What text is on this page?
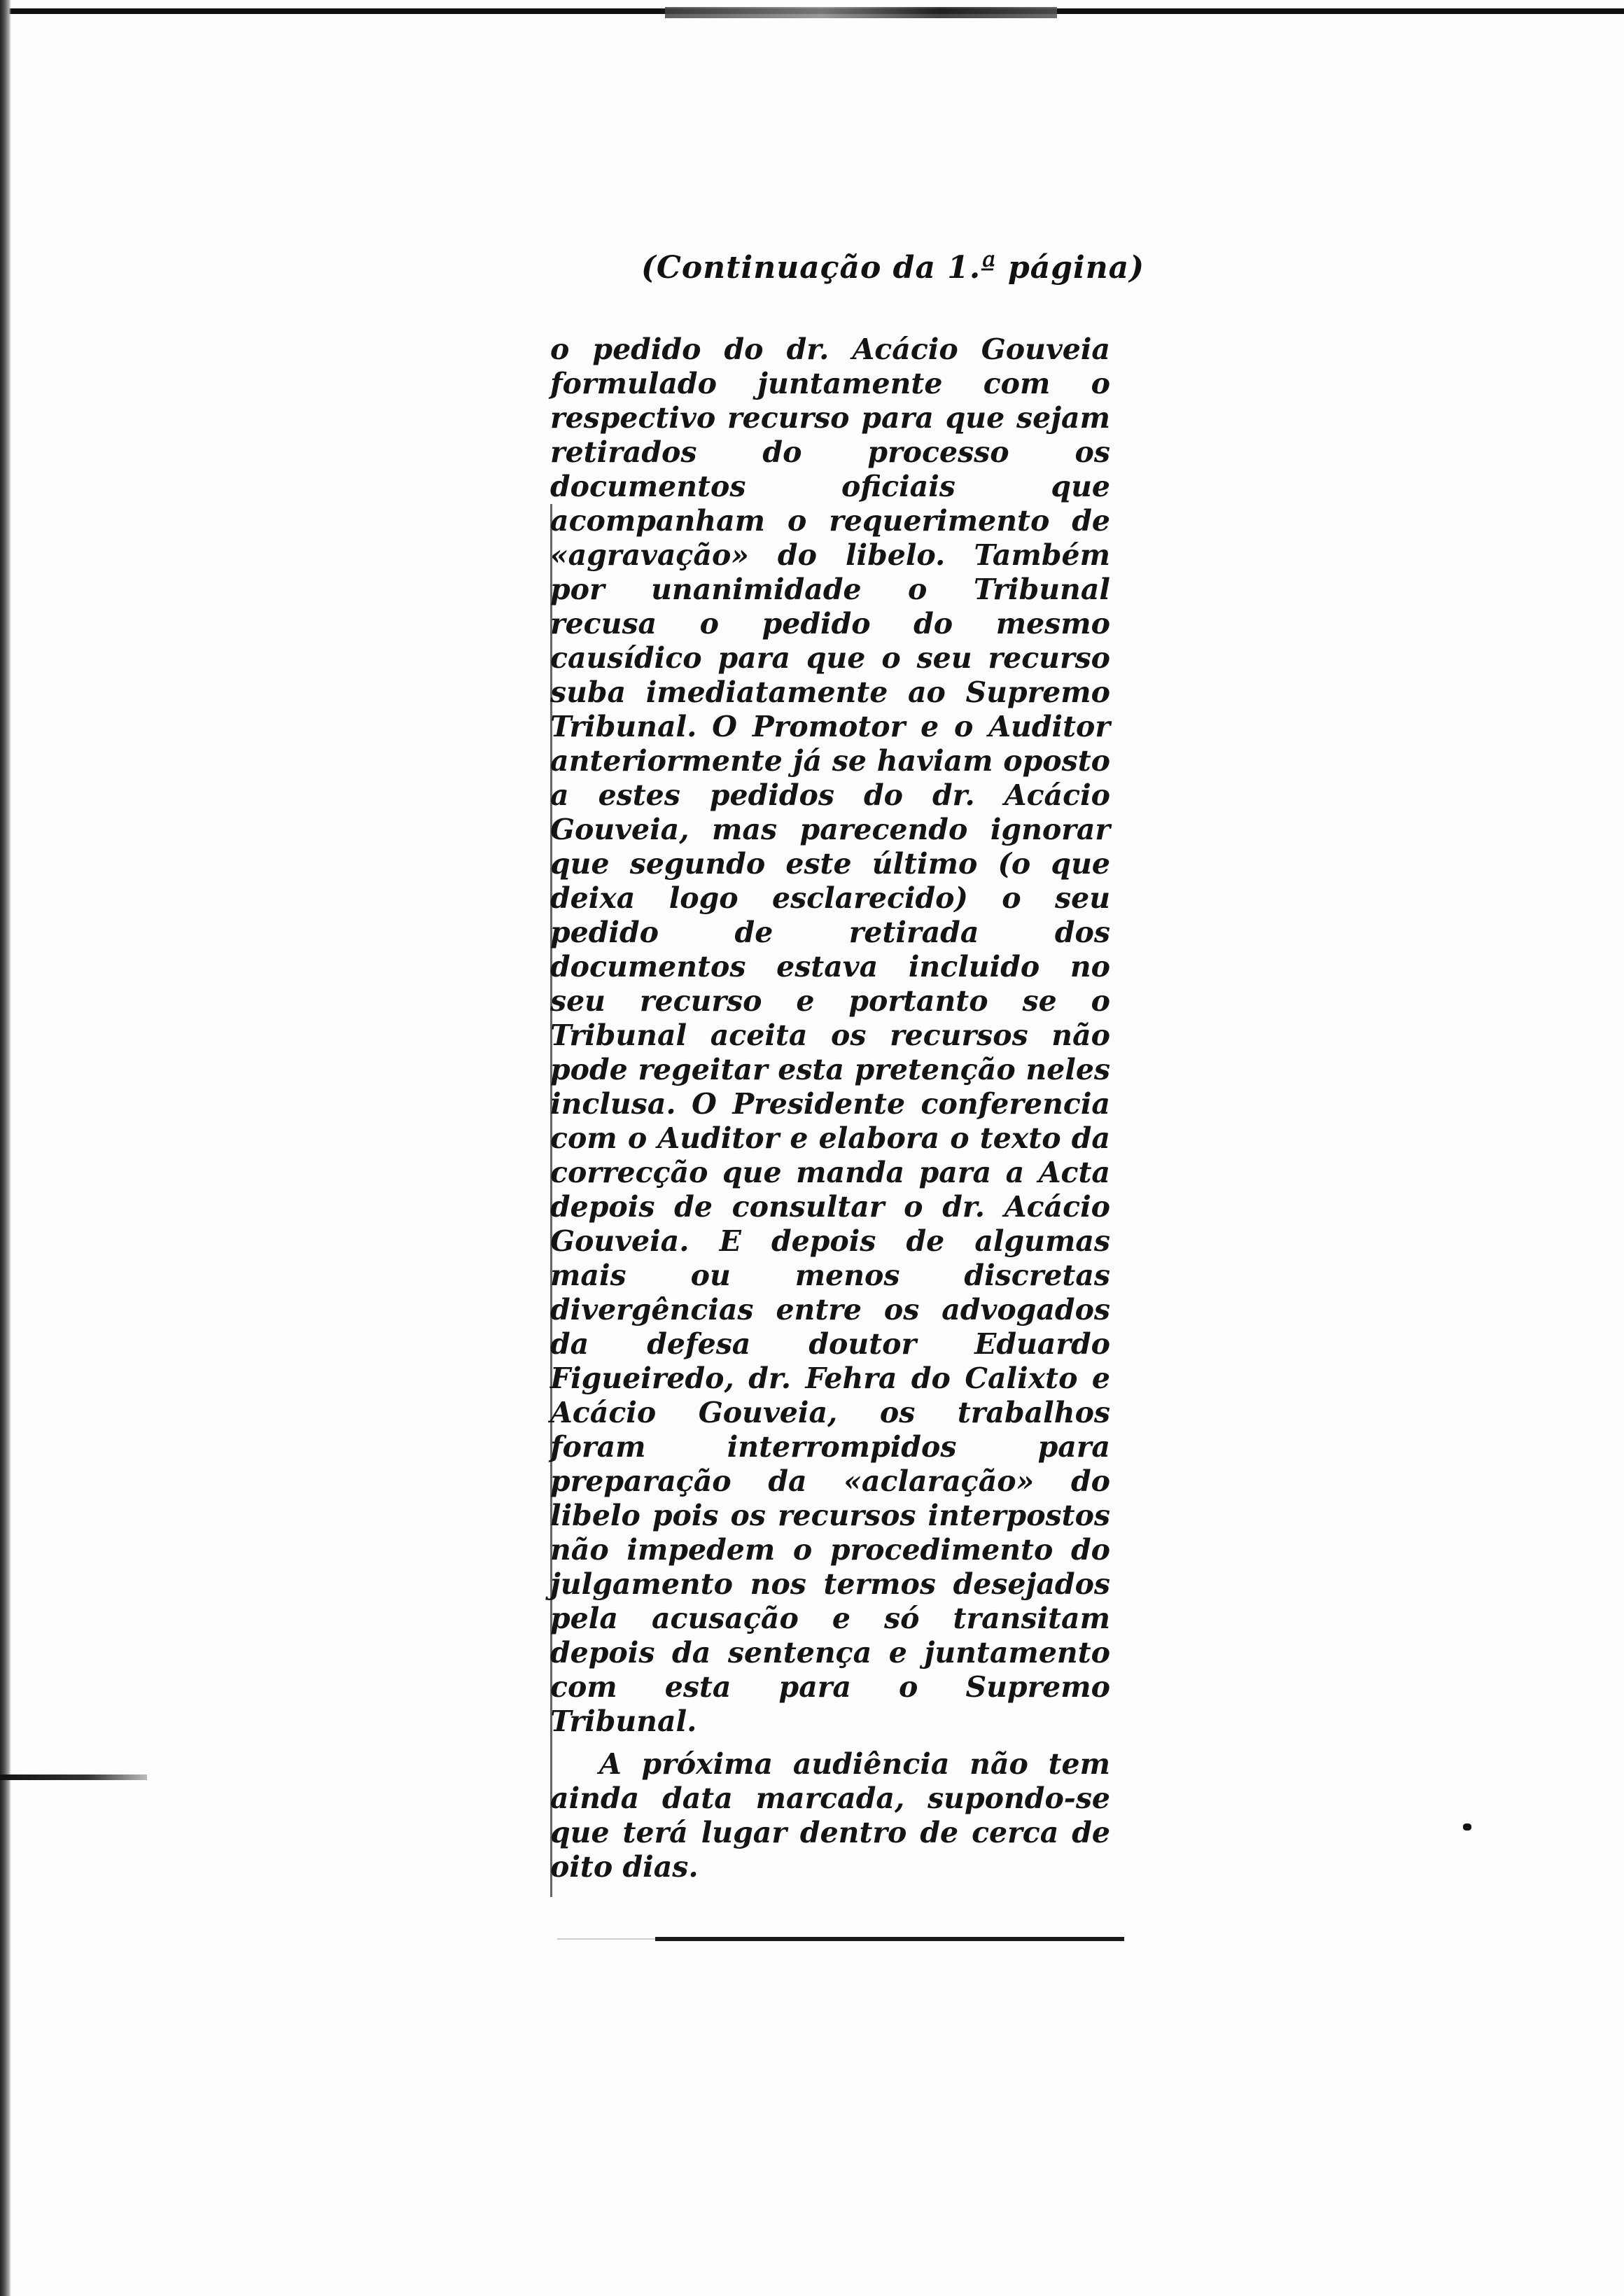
(Continuação da 1.ª página)

o pedido do dr. Acácio Gouveia formulado juntamente com o respectivo recurso para que sejam retirados do processo os documentos oficiais que acompanham o requerimento de «agravação» do libelo. Também por unanimidade o Tribunal recusa o pedido do mesmo causídico para que o seu recurso suba imediatamente ao Supremo Tribunal. O Promotor e o Auditor anteriormente já se haviam oposto a estes pedidos do dr. Acácio Gouveia, mas parecendo ignorar que segundo este último (o que deixa logo esclarecido) o seu pedido de retirada dos documentos estava incluido no seu recurso e portanto se o Tribunal aceita os recursos não pode regeitar esta pretenção neles inclusa. O Presidente conferencia com o Auditor e elabora o texto da correcção que manda para a Acta depois de consultar o dr. Acácio Gouveia. E depois de algumas mais ou menos discretas divergências entre os advogados da defesa doutor Eduardo Figueiredo, dr. Fehra do Calixto e Acácio Gouveia, os trabalhos foram interrompidos para preparação da «aclaração» do libelo pois os recursos interpostos não impedem o procedimento do julgamento nos termos desejados pela acusação e só transitam depois da sentença e juntamento com esta para o Supremo Tribunal.

A próxima audiência não tem ainda data marcada, supondo-se que terá lugar dentro de cerca de oito dias.
